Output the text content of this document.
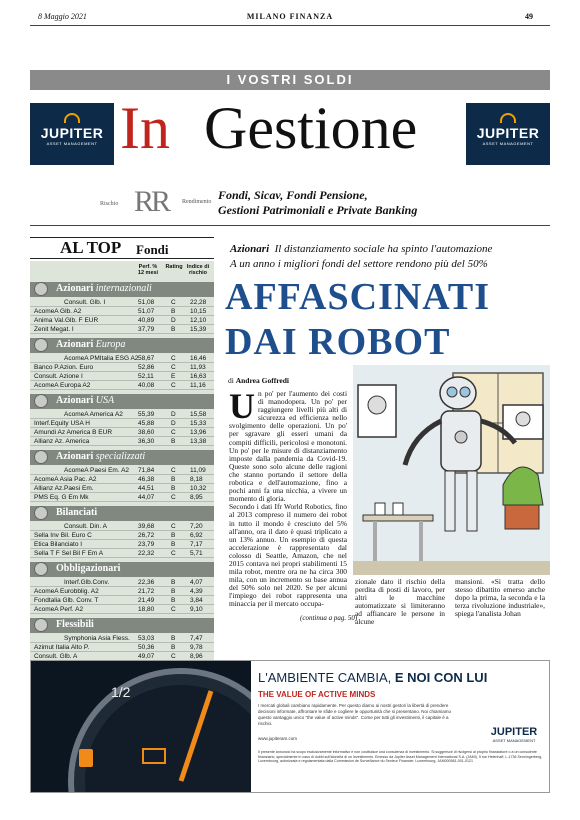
8 Maggio 2021	MILANO FINANZA	49
I VOSTRI SOLDI
JUPITER
ASSET MANAGEMENT
JUPITER
ASSET MANAGEMENT
In Gestione
RR
Rischio	Rendimento Fondi, Sicav, Fondi Pensione,
Gestioni Patrimoniali e Private Banking
AL TOP Fondi
Perf. %
12 mesi
Rating Indice di
rischio
Azionari internazionali
Consult. Glb. I	51,08	C 22,28
AcomeA Glb. A2	51,07	B 10,15
Anima Val.Glb. F EUR	40,89	D 12,10
Zenit Megat. I	37,79	B 15,39
Azionari Europa
AcomeA PMItalia ESG A2 58,67	C 16,46
Banco P.Azion. Euro	52,86	C 11,93
Consult. Azione I	52,11	E 16,63
AcomeA Europa A2	40,08	C 11,16
Azionari USA
AcomeA America A2 55,39	D 15,58
Interf.Equity USA H	45,88	D 15,33
Amundi Az America B EUR	38,60	C 13,96
Allianz Az. America	36,30	B 13,38
Azionari specializzati
AcomeA Paesi Em. A2 71,84	C 11,09
AcomeA Asia Pac. A2	46,38	B 8,18
Allianz Az.Paesi Em.	44,51	B 10,32
PMS Eq. G Em Mk	44,07	C 8,95
Bilanciati
Consult. Din. A	39,68	C 7,20
Sella Inv Bil. Euro C	26,72	B 6,92
Etica Bilanciato I	23,79	B 7,17
Sella T F Sel Bil F Em A	22,32	C 5,71
Obbligazionari
Interf.Glb.Conv.	22,36	B 4,07
AcomeA Eurobblig. A2	21,72	B 4,39
Fondtalia Glb. Conv. T	21,49	B 3,84
AcomeA Perf. A2	18,80	C 9,10
Flessibili
Symphonia Asia Fless. 53,03	B 7,47
Azimut Italia Alto P.	50,36	B 9,78
Consult. Glb. A	49,07	C 8,96
Azionari Il distanziamento sociale ha spinto l'automazione
A un anno i migliori fondi del settore rendono più del 50%
AFFASCINATI
DAI ROBOT
di Andrea Goffredi
U n po' per l'aumento dei costi di manodopera. Un po' per raggiungere livelli più alti di sicurezza ed efficienza nello svolgimento delle operazioni. Un po' per sgravare gli esseri umani da compiti difficili, pericolosi e monotoni. Un po' per le misure di distanziamento imposte dalla pandemia da Covid-19. Queste sono solo alcune delle ragioni che stanno portando il settore della robotica e dell'automazione, fino a pochi anni fa una nicchia, a vivere un momento di gloria.

Secondo i dati Ifr World Robotics, fino al 2013 compreso il numero dei robot in tutto il mondo è cresciuto del 5% all'anno, ora il dato è quasi triplicato a un 13% annuo. Un esempio di questa accelerazione è rappresentato dal colosso di Seattle, Amazon, che nel 2015 contava nei propri stabilimenti 15 mila robot, mentre ora ne ha circa 300 mila, con un incremento su base annua del 50% solo nel 2020. Se per alcuni l'impiego dei robot rappresenta una minaccia per il mercato occupa-

(continua a pag. 50)
zionale dato il rischio della perdita di posti di lavoro, per altri le macchine automatizzate si limiteranno ad affiancare le persone in alcune
mansioni. «Si tratta dello stesso dibattito emerso anche dopo la prima, la seconda e la terza rivoluzione industriale», spiega l'analista Johan
1/2
L'AMBIENTE CAMBIA, E NOI CON LUI
THE VALUE OF ACTIVE MINDS
I mercati globali cambiano rapidamente. Per questo diamo ai nostri gestori la libertà di prendere decisioni informate, affrontare le sfide e cogliere le opportunità che si presentano. Noi chiamiamo questo vantaggio unico "the value of active minds". Come per tutti gli investimenti, il capitale è a rischio.
www.jupiteram.com
JUPITER
ASSET MANAGEMENT
Il presente annuncio ha scopo esclusivamente informativo e non costituisce una consulenza di investimento. Si suggerisce di rivolgersi al proprio finanziatore o a un consulente finanziario, specialmente in caso di dubbi sull'idoneità di un investimento. Emesso da Jupiter Asset Management International S.A. (JAMI), 5 rue Heienhaff, L-1736 Senningerberg, Luxembourg, autorizzata e regolamentata dalla Commission de Surveillance du Secteur Financier. Luxembourg. JAM000561-001-0121
